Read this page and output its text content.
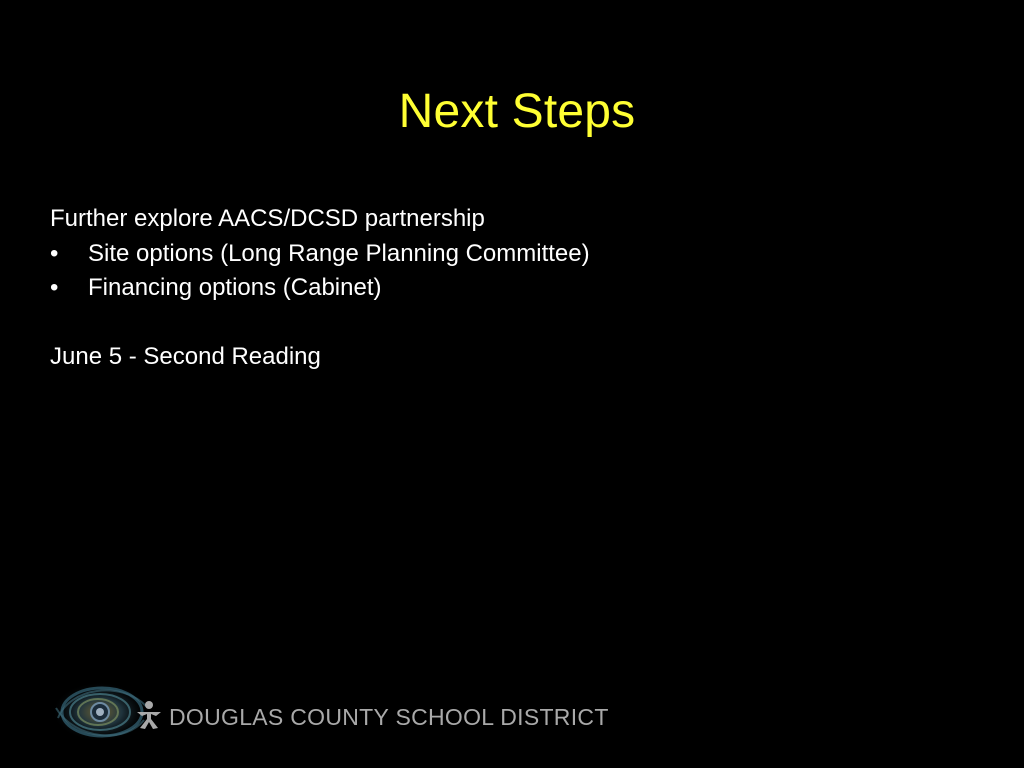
Next Steps

Further explore AACS/DCSD partnership

•	Site options (Long Range Planning Committee)

•	Financing options (Cabinet)

June 5 - Second Reading

DOUGLAS COUNTY SCHOOL DISTRICT
